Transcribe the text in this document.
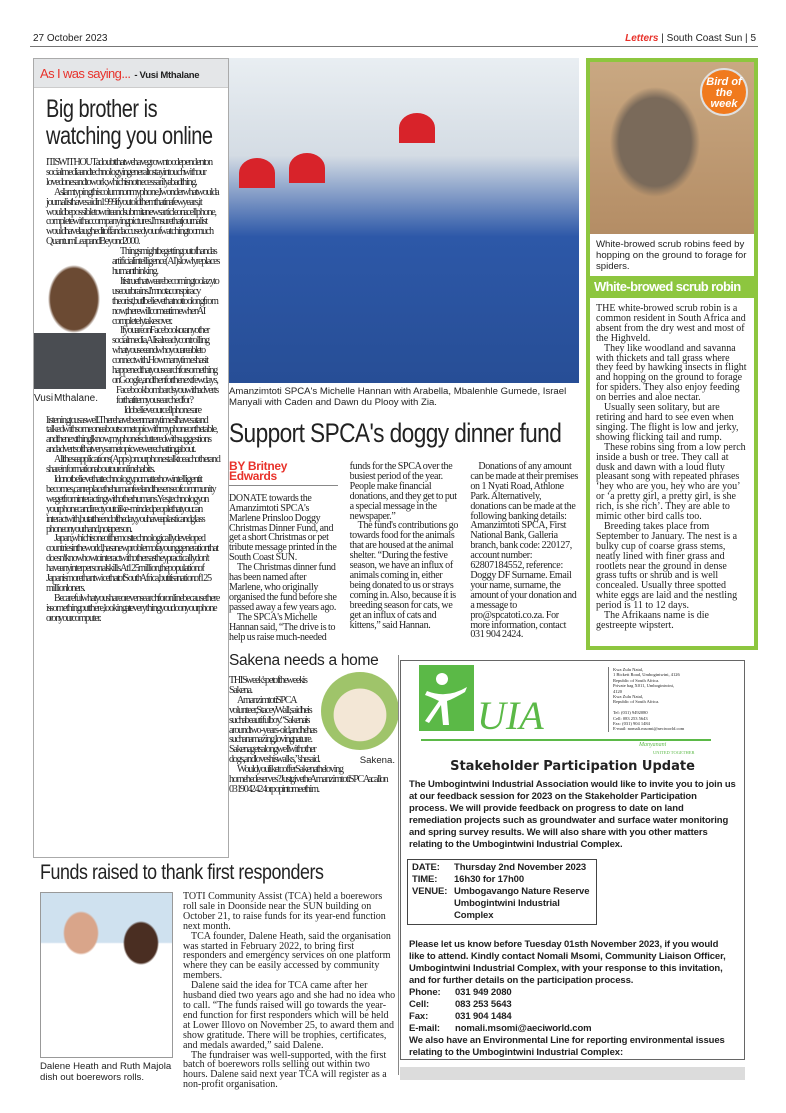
27 October 2023	Letters | South Coast Sun | 5
As I was saying... - Vusi Mthalane
Big brother is watching you online

IT IS WITHOUT a doubt that we have grown too dependent on social media and technology in general to stay in touch with our loved ones and to work, which is not necessarily a bad thing.

As I am typing this column on my phone, I wonder what would a journalist have said in 1999 if you told them that in a few years, it would be possible to write and submit a news article on a cellphone, complete with accompanying pictures. I'm sure that journalist would have laughed it off and accused you of watching too much Quantum Leap and Beyond 2000.

Vusi Mthalane.

Things might be getting out of hand as artificial intelligence (AI) slowly replaces human thinking.

It is true that we are becoming too lazy to use our brains. I'm not a conspiracy theorist, but I believe that not too long from now, there will come a time when AI completely takes over.

If you are on Facebook or any other social media, AI is already controlling what you see and who you are able to connect with. How many times has it happened that you search for something on Google, and then for the next few days, Facebook bombards you with adverts for that item you searched for?

I do believe our cellphones are listening to us as well. There have been many times I have sat and talked with someone about some topic with my phone on the table, and the next thing I know, my phone is cluttered with suggestions and adverts of that very same topic we were chatting about.

All these applications (Apps) on our phones talk to each other and share information about our online habits.

I do not believe that technology, no matter how intelligent it becomes, can replace the human feel and the sense of community we get from interacting with other humans. Yes, technology on your phone can direct you to like-minded people that you can interact with, but at the end of the day, you have a plastic and glass phone on your hand, not a person.

Japan, which is one of the most technologically developed countries in the world, has a new problem of a young generation that doesn't know how to interact with others as they practically don't have any interpersonal skills. At 125 million, the population of Japan is more than twice that of South Africa, but it is a nation of 125 million loners.

Be careful what you share or even search for online because there is something out there, looking at everything you do on your phone or on your computer.

Amanzimtoti SPCA's Michelle Hannan with Arabella, Mbalenhle Gumede, Israel Manyali with Caden and Dawn du Plooy with Zia.
Support SPCA's doggy dinner fund
BY Britney Edwards

DONATE towards the Amanzimtoti SPCA's Marlene Prinsloo Doggy Christmas Dinner Fund, and get a short Christmas or pet tribute message printed in the South Coast SUN.

The Christmas dinner fund has been named after Marlene, who originally organised the fund before she passed away a few years ago.

The SPCA's Michelle Hannan said, “The drive is to help us raise much-needed funds for the SPCA over the busiest period of the year. People make financial donations, and they get to put a special message in the newspaper.”

The fund's contributions go towards food for the animals that are housed at the animal shelter. “During the festive season, we have an influx of animals coming in, either being donated to us or strays coming in. Also, because it is breeding season for cats, we get an influx of cats and kittens,” said Hannan.

Donations of any amount can be made at their premises on 1 Nyati Road, Athlone Park. Alternatively, donations can be made at the following banking details: Amanzimtoti SPCA, First National Bank, Galleria branch, bank code: 220127, account number: 62807184552, reference: Doggy DF Surname. Email your name, surname, the amount of your donation and a message to pro@spcatoti.co.za. For more information, contact 031 904 2424.

Bird of the week
White-browed scrub robins feed by hopping on the ground to forage for spiders.
White-browed scrub robin

THE white-browed scrub robin is a common resident in South Africa and absent from the dry west and most of the Highveld.

They like woodland and savanna with thickets and tall grass where they feed by hawking insects in flight and hopping on the ground to forage for spiders. They also enjoy feeding on berries and aloe nectar.

Usually seen solitary, but are retiring and hard to see even when singing. The flight is low and jerky, showing flicking tail and rump.

These robins sing from a low perch inside a bush or tree. They call at dusk and dawn with a loud fluty pleasant song with repeated phrases ‘hey who are you, hey who are you’ or ‘a pretty girl, a pretty girl, is she rich, is she rich’. They are able to mimic other bird calls too.

Breeding takes place from September to January. The nest is a bulky cup of coarse grass stems, neatly lined with finer grass and rootlets near the ground in dense grass tufts or shrub and is well concealed. Usually three spotted white eggs are laid and the nestling period is 11 to 12 days.

The Afrikaans name is die gestreepte wipstert.

Sakena needs a home
Sakena.

THIS week's pet of the week is Sakena.

Amanzimtoti SPCA volunteer, Stacey Wall, said he is such a beautiful boy. “Sakena is around two-years-old, and he has such an amazing, loving nature. Sakena gets along well with other dogs, and loves his walks,” she said.

Would you like to offer Sakena the loving home he deserves? Just give the Amanzimtoti SPCA a call on 031 904 2424 or pop in to meet him.

UIA
Kwa Zulu Natal,
1 Bickett Road, Umbogintwini, 4126
Republic of South Africa.
Private bag X011, Umbogintwini,
4120
Kwa Zulu Natal,
Republic of South Africa.
Tel: (031) 9492080
Cell: 083 253 5643
Fax: (031) 904 1484
E-mail: nomali.msomi@aeciworld.com
Manyanani
UNITED TOGETHER
Stakeholder Participation Update
The Umbogintwini Industrial Association would like to invite you to join us at our feedback session for 2023 on the Stakeholder Participation process. We will provide feedback on progress to date on land remediation projects such as groundwater and surface water monitoring and spring survey results. We will also share with you other matters relating to the Umbogintwini Industrial Complex.
DATE:	Thursday 2nd November 2023
TIME:	16h30 for 17h00
VENUE: Umbogavango Nature Reserve
Umbogintwini Industrial Complex
Please let us know before Tuesday 01sth November 2023, if you would like to attend. Kindly contact Nomali Msomi, Community Liaison Officer, Umbogintwini Industrial Complex, with your response to this invitation, and for further details on the participation process.
Phone:	031 949 2080
Cell:	083 253 5643
Fax:	031 904 1484
E-mail:	nomali.msomi@aeciworld.com
We also have an Environmental Line for reporting environmental issues relating to the Umbogintwini Industrial Complex:
Funds raised to thank first responders
Dalene Heath and Ruth Majola dish out boerewors rolls.

TOTI Community Assist (TCA) held a boerewors roll sale in Doonside near the SUN building on October 21, to raise funds for its year-end function next month.

TCA founder, Dalene Heath, said the organisation was started in February 2022, to bring first responders and emergency services on one platform where they can be easily accessed by community members.

Dalene said the idea for TCA came after her husband died two years ago and she had no idea who to call. “The funds raised will go towards the year-end function for first responders which will be held at Lower Illovo on November 25, to award them and show gratitude. There will be trophies, certificates, and medals awarded,” said Dalene.

The fundraiser was well-supported, with the first batch of boerewors rolls selling out within two hours. Dalene said next year TCA will register as a non-profit organisation.
